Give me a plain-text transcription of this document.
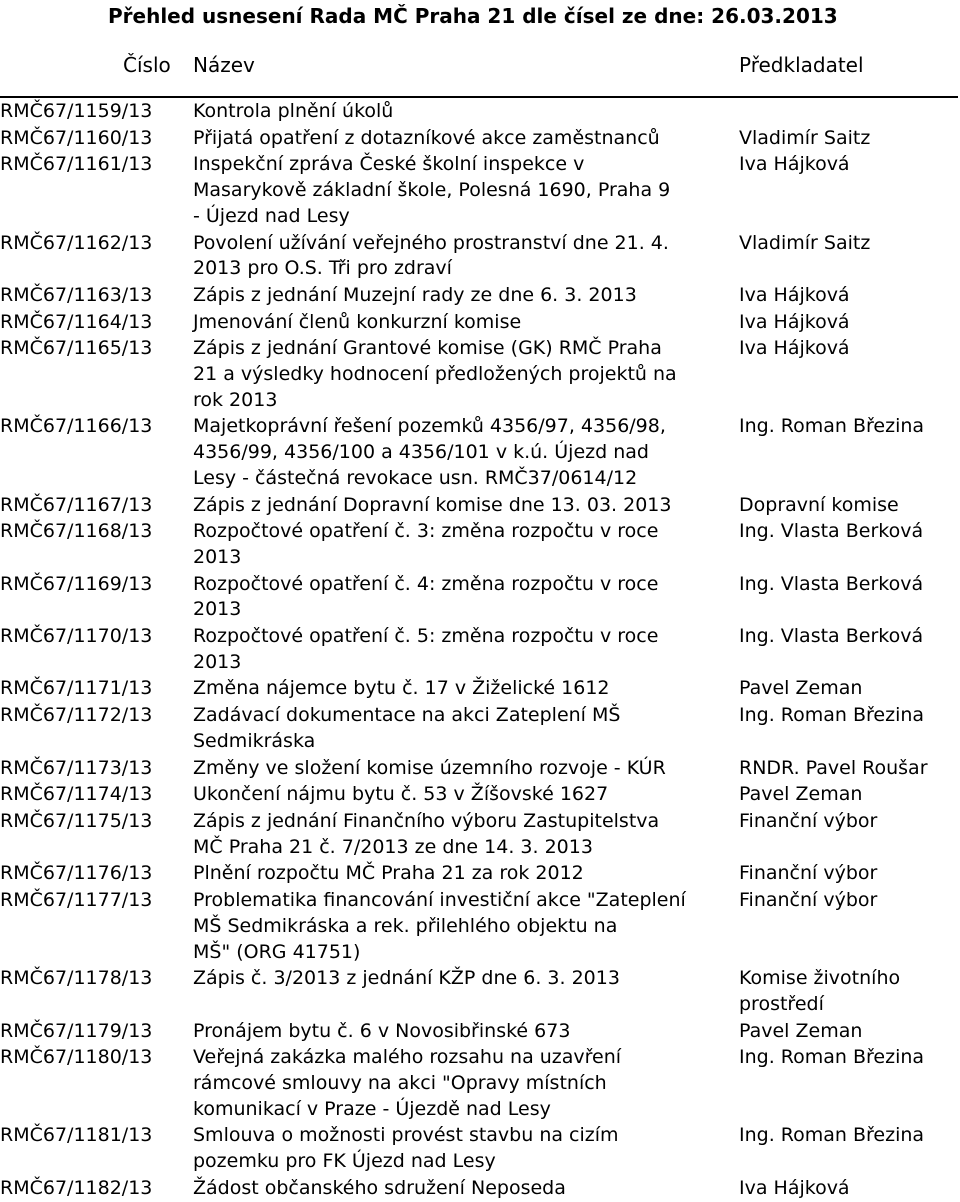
Přehled usnesení Rada MČ Praha 21 dle čísel ze dne: 26.03.2013
Číslo Název	Předkladatel
RMČ67/1159/13	Kontrola plnění úkolů	
RMČ67/1160/13	Přijatá opatření z dotazníkové akce zaměstnanců	Vladimír Saitz
RMČ67/1161/13	Inspekční zpráva České školní inspekce v
Masarykově základní škole, Polesná 1690, Praha 9
- Újezd nad Lesy	Iva Hájková
RMČ67/1162/13	Povolení užívání veřejného prostranství dne 21. 4.
2013 pro O.S. Tři pro zdraví	Vladimír Saitz
RMČ67/1163/13	Zápis z jednání Muzejní rady ze dne 6. 3. 2013	Iva Hájková
RMČ67/1164/13	Jmenování členů konkurzní komise	Iva Hájková
RMČ67/1165/13	Zápis z jednání Grantové komise (GK) RMČ Praha
21 a výsledky hodnocení předložených projektů na
rok 2013	Iva Hájková
RMČ67/1166/13	Majetkoprávní řešení pozemků 4356/97, 4356/98,
4356/99, 4356/100 a 4356/101 v k.ú. Újezd nad
Lesy - částečná revokace usn. RMČ37/0614/12	Ing. Roman Březina
RMČ67/1167/13	Zápis z jednání Dopravní komise dne 13. 03. 2013	Dopravní komise
RMČ67/1168/13	Rozpočtové opatření č. 3: změna rozpočtu v roce
2013	Ing. Vlasta Berková
RMČ67/1169/13	Rozpočtové opatření č. 4: změna rozpočtu v roce
2013	Ing. Vlasta Berková
RMČ67/1170/13	Rozpočtové opatření č. 5: změna rozpočtu v roce
2013	Ing. Vlasta Berková
RMČ67/1171/13	Změna nájemce bytu č. 17 v Žiželické 1612	Pavel Zeman
RMČ67/1172/13	Zadávací dokumentace na akci Zateplení MŠ
Sedmikráska	Ing. Roman Březina
RMČ67/1173/13	Změny ve složení komise územního rozvoje - KÚR	RNDR. Pavel Roušar
RMČ67/1174/13	Ukončení nájmu bytu č. 53 v Žíšovské 1627	Pavel Zeman
RMČ67/1175/13	Zápis z jednání Finančního výboru Zastupitelstva
MČ Praha 21 č. 7/2013 ze dne 14. 3. 2013	Finanční výbor
RMČ67/1176/13	Plnění rozpočtu MČ Praha 21 za rok 2012	Finanční výbor
RMČ67/1177/13	Problematika financování investiční akce "Zateplení
MŠ Sedmikráska a rek. přilehlého objektu na
MŠ" (ORG 41751)	Finanční výbor
RMČ67/1178/13	Zápis č. 3/2013 z jednání KŽP dne 6. 3. 2013	Komise životního
prostředí
RMČ67/1179/13	Pronájem bytu č. 6 v Novosibřinské 673	Pavel Zeman
RMČ67/1180/13	Veřejná zakázka malého rozsahu na uzavření
rámcové smlouvy na akci "Opravy místních
komunikací v Praze - Újezdě nad Lesy	Ing. Roman Březina
RMČ67/1181/13	Smlouva o možnosti provést stavbu na cizím
pozemku pro FK Újezd nad Lesy	Ing. Roman Březina
RMČ67/1182/13	Žádost občanského sdružení Neposeda	Iva Hájková
